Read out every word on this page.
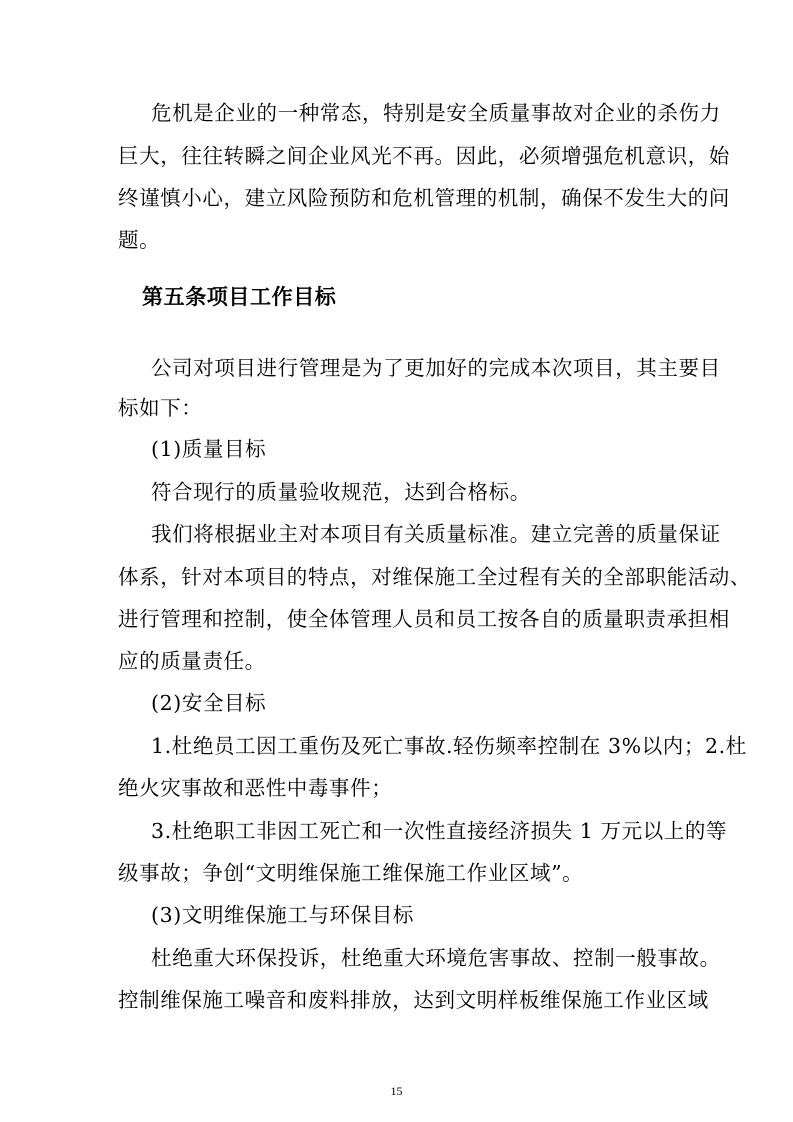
危机是企业的一种常态，特别是安全质量事故对企业的杀伤力
巨大，往往转瞬之间企业风光不再。因此，必须增强危机意识，始
终谨慎小心，建立风险预防和危机管理的机制，确保不发生大的问
题。
第五条项目工作目标
公司对项目进行管理是为了更加好的完成本次项目，其主要目
标如下：
(1)质量目标
符合现行的质量验收规范，达到合格标。
我们将根据业主对本项目有关质量标准。建立完善的质量保证
体系，针对本项目的特点，对维保施工全过程有关的全部职能活动、
进行管理和控制，使全体管理人员和员工按各自的质量职责承担相
应的质量责任。
(2)安全目标
1.杜绝员工因工重伤及死亡事故.轻伤频率控制在 3%以内；2.杜
绝火灾事故和恶性中毒事件；
3.杜绝职工非因工死亡和一次性直接经济损失 1 万元以上的等
级事故；争创“文明维保施工维保施工作业区域”。
(3)文明维保施工与环保目标
杜绝重大环保投诉，杜绝重大环境危害事故、控制一般事故。
控制维保施工噪音和废料排放，达到文明样板维保施工作业区域
15
